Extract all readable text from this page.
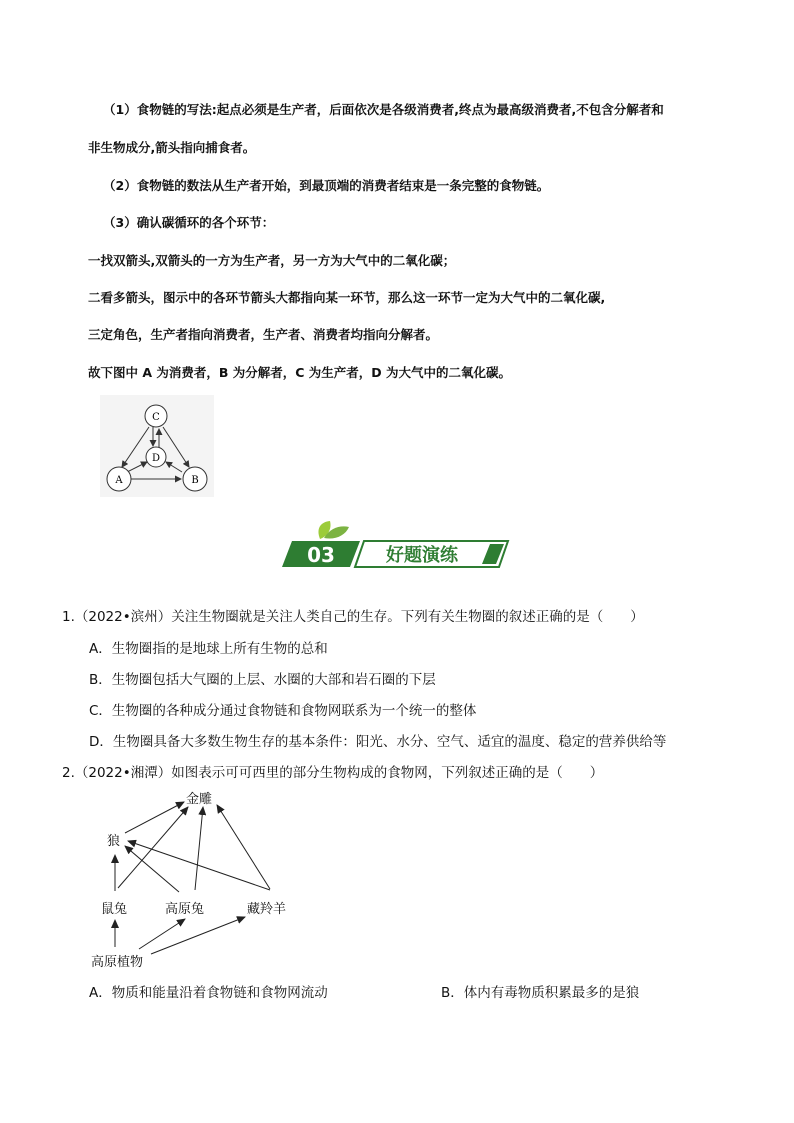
（1）食物链的写法:起点必须是生产者，后面依次是各级消费者,终点为最高级消费者,不包含分解者和
非生物成分,箭头指向捕食者。
（2）食物链的数法从生产者开始，到最顶端的消费者结束是一条完整的食物链。
（3）确认碳循环的各个环节：
一找双箭头,双箭头的一方为生产者，另一方为大气中的二氧化碳；
二看多箭头，图示中的各环节箭头大都指向某一环节，那么这一环节一定为大气中的二氧化碳,
三定角色，生产者指向消费者，生产者、消费者均指向分解者。
故下图中 A 为消费者，B 为分解者，C 为生产者，D 为大气中的二氧化碳。
C
D
A	B
03	好题演练
1.（2022•滨州）关注生物圈就是关注人类自己的生存。下列有关生物圈的叙述正确的是（　　）
A．生物圈指的是地球上所有生物的总和
B．生物圈包括大气圈的上层、水圈的大部和岩石圈的下层
C．生物圈的各种成分通过食物链和食物网联系为一个统一的整体
D．生物圈具备大多数生物生存的基本条件：阳光、水分、空气、适宜的温度、稳定的营养供给等
2.（2022•湘潭）如图表示可可西里的部分生物构成的食物网，下列叙述正确的是（　　）
金雕
狼
鼠兔	高原兔	藏羚羊
高原植物
A．物质和能量沿着食物链和食物网流动	B．体内有毒物质积累最多的是狼
